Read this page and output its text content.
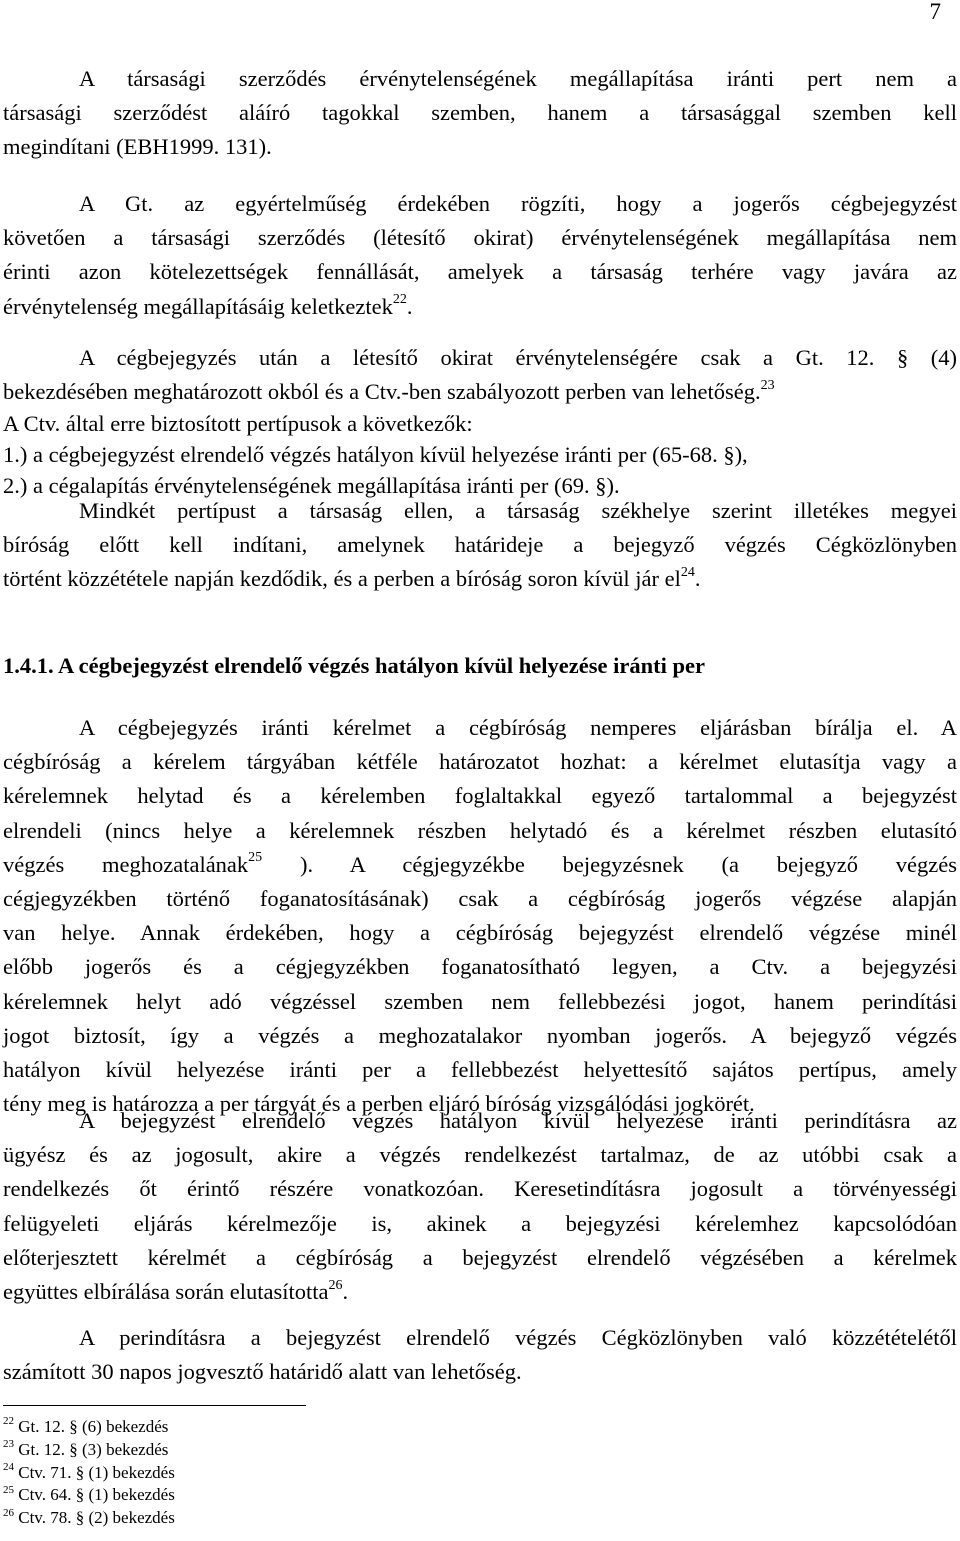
7

A társasági szerződés érvénytelenségének megállapítása iránti pert nem a
társasági szerződést aláíró tagokkal szemben, hanem a társasággal szemben kell
megindítani (EBH1999. 131).
A Gt. az egyértelműség érdekében rögzíti, hogy a jogerős cégbejegyzést
követően a társasági szerződés (létesítő okirat) érvénytelenségének megállapítása nem
érinti azon kötelezettségek fennállását, amelyek a társaság terhére vagy javára az
érvénytelenség megállapításáig keletkeztek$^{22}$.
A cégbejegyzés után a létesítő okirat érvénytelenségére csak a Gt. 12. § (4)
bekezdésében meghatározott okból és a Ctv.-ben szabályozott perben van lehetőség.$^{23}$
A Ctv. által erre biztosított pertípusok a következők:
1.) a cégbejegyzést elrendelő végzés hatályon kívül helyezése iránti per (65-68. §),
2.) a cégalapítás érvénytelenségének megállapítása iránti per (69. §).
Mindkét pertípust a társaság ellen, a társaság székhelye szerint illetékes megyei
bíróság előtt kell indítani, amelynek határideje a bejegyző végzés Cégközlönyben
történt közzététele napján kezdődik, és a perben a bíróság soron kívül jár $el^{24}$.

1.4.1. A cégbejegyzést elrendelő végzés hatályon kívül helyezése iránti per

A cégbejegyzés iránti kérelmet a cégbíróság nemperes eljárásban bírálja el. A
cégbíróság a kérelem tárgyában kétféle határozatot hozhat: a kérelmet elutasítja vagy a
kérelemnek helytad és a kérelemben foglaltakkal egyező tartalommal a bejegyzést
elrendeli (nincs helye a kérelemnek részben helytadó és a kérelmet részben elutasító
végzés meghozatalának$^{25}$ ). A cégjegyzékbe bejegyzésnek (a bejegyző végzés
cégjegyzékben történő foganatosításának) csak a cégbíróság jogerős végzése alapján
van helye. Annak érdekében, hogy a cégbíróság bejegyzést elrendelő végzése minél
előbb jogerős és a cégjegyzékben foganatosítható legyen, a Ctv. a bejegyzési
kérelemnek helyt adó végzéssel szemben nem fellebbezési jogot, hanem perindítási
jogot biztosít, így a végzés a meghozatalakor nyomban jogerős. A bejegyző végzés
hatályon kívül helyezése iránti per a fellebbezést helyettesítő sajátos pertípus, amely
tény meg is határozza a per tárgyát és a perben eljáró bíróság vizsgálódási jogkörét.
A bejegyzést elrendelő végzés hatályon kívül helyezése iránti perindításra az
ügyész és az jogosult, akire a végzés rendelkezést tartalmaz, de az utóbbi csak a
rendelkezés őt érintő részére vonatkozóan. Keresetindításra jogosult a törvényességi
felügyeleti eljárás kérelmezője is, akinek a bejegyzési kérelemhez kapcsolódóan
előterjesztett kérelmét a cégbíróság a bejegyzést elrendelő végzésében a kérelmek
együttes elbírálása során elutasította$^{26}$.
A perindításra a bejegyzést elrendelő végzés Cégközlönyben való közzétételétől
számított 30 napos jogvesztő határidő alatt van lehetőség.
$^{22}$ Gt. 12. § (6) bekezdés
$^{23}$ Gt. 12. § (3) bekezdés
$^{24}$ Ctv. 71. § (1) bekezdés
$^{25}$ Ctv. 64. § (1) bekezdés
$^{26}$ Ctv. 78. § (2) bekezdés
